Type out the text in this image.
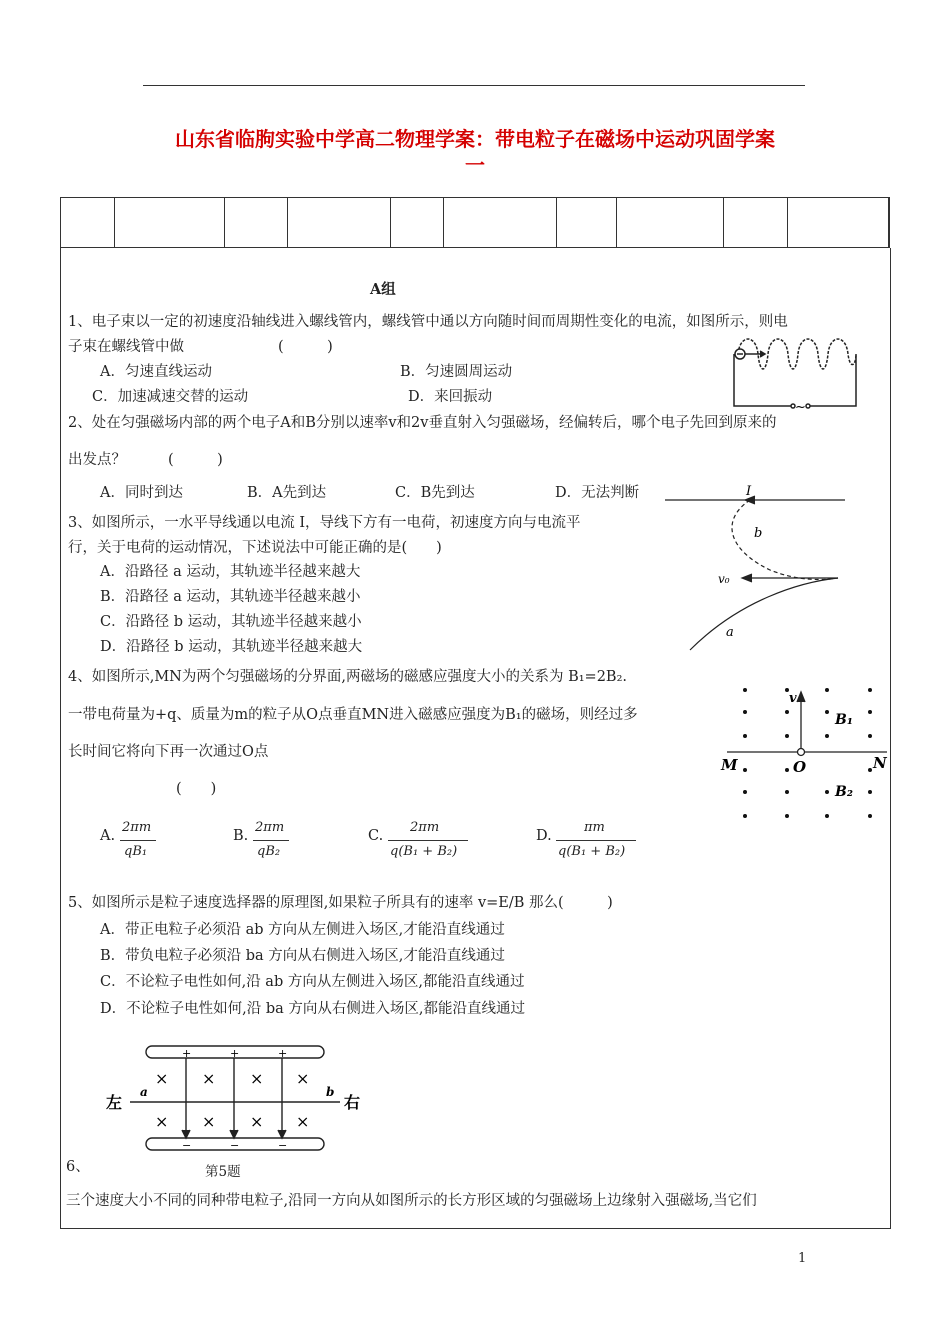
山东省临朐实验中学高二物理学案：带电粒子在磁场中运动巩固学案
一

A组
1、电子束以一定的初速度沿轴线进入螺线管内，螺线管中通以方向随时间而周期性变化的电流，如图所示，则电
子束在螺线管中做	(　　　)
A．匀速直线运动	B．匀速圆周运动
C．加速减速交替的运动	D．来回振动
~
2、处在匀强磁场内部的两个电子A和B分别以速率v和2v垂直射入匀强磁场，经偏转后，哪个电子先回到原来的
出发点？	(　　　)
A．同时到达	B．A先到达	C．B先到达	D．无法判断
3、如图所示，一水平导线通以电流 I，导线下方有一电荷，初速度方向与电流平
行，关于电荷的运动情况，下述说法中可能正确的是(　　)
A．沿路径 a 运动，其轨迹半径越来越大
B．沿路径 a 运动，其轨迹半径越来越小
C．沿路径 b 运动，其轨迹半径越来越小
D．沿路径 b 运动，其轨迹半径越来越大
I
b
v₀
a
4、如图所示,MN为两个匀强磁场的分界面,两磁场的磁感应强度大小的关系为 B₁=2B₂.
一带电荷量为+q、质量为m的粒子从O点垂直MN进入磁感应强度为B₁的磁场，则经过多
长时间它将向下再一次通过O点
(　　)
A.
2πm
qB₁
B.
2πm
qB₂
C.
2πm
q(B₁ + B₂)
D.
πm
q(B₁ + B₂)
v
B₁
M	O	N
B₂
5、如图所示是粒子速度选择器的原理图,如果粒子所具有的速率 v=E/B 那么(　　　)
A．带正电粒子必须沿 ab 方向从左侧进入场区,才能沿直线通过
B．带负电粒子必须沿 ba 方向从右侧进入场区,才能沿直线通过
C．不论粒子电性如何,沿 ab 方向从左侧进入场区,都能沿直线通过
D．不论粒子电性如何,沿 ba 方向从右侧进入场区,都能沿直线通过
+	+	+
−	−	−
× × × ×
× × × ×
a	b
左	右
第5题
6、
三个速度大小不同的同种带电粒子,沿同一方向从如图所示的长方形区域的匀强磁场上边缘射入强磁场,当它们
1
